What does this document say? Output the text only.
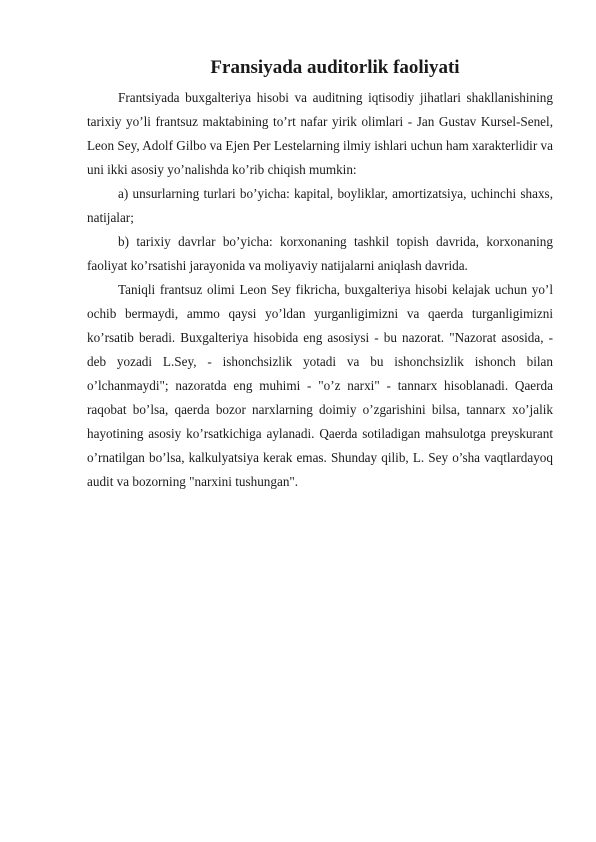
Fransiyada auditorlik faoliyati

Frantsiyada buxgalteriya hisobi va auditning iqtisodiy jihatlari shakllanishining tarixiy yo’li frantsuz maktabining to’rt nafar yirik olimlari - Jan Gustav Kursel-Senel, Leon Sey, Adolf Gilbo va Ejen Per Lestelarning ilmiy ishlari uchun ham xarakterlidir va uni ikki asosiy yo’nalishda ko’rib chiqish mumkin:

a) unsurlarning turlari bo’yicha: kapital, boyliklar, amortizatsiya, uchinchi shaxs, natijalar;

b) tarixiy davrlar bo’yicha: korxonaning tashkil topish davrida, korxonaning faoliyat ko’rsatishi jarayonida va moliyaviy natijalarni aniqlash davrida.

Taniqli frantsuz olimi Leon Sey fikricha, buxgalteriya hisobi kelajak uchun yo’l ochib bermaydi, ammo qaysi yo’ldan yurganligimizni va qaerda turganligimizni ko’rsatib beradi. Buxgalteriya hisobida eng asosiysi - bu nazorat. "Nazorat asosida, - deb yozadi L.Sey, - ishonchsizlik yotadi va bu ishonchsizlik ishonch bilan o’lchanmaydi"; nazoratda eng muhimi - "o’z narxi" - tannarx hisoblanadi. Qaerda raqobat bo’lsa, qaerda bozor narxlarning doimiy o’zgarishini bilsa, tannarx xo’jalik hayotining asosiy ko’rsatkichiga aylanadi. Qaerda sotiladigan mahsulotga preyskurant o’rnatilgan bo’lsa, kalkulyatsiya kerak emas. Shunday qilib, L. Sey o’sha vaqtlardayoq audit va bozorning "narxini tushungan".
